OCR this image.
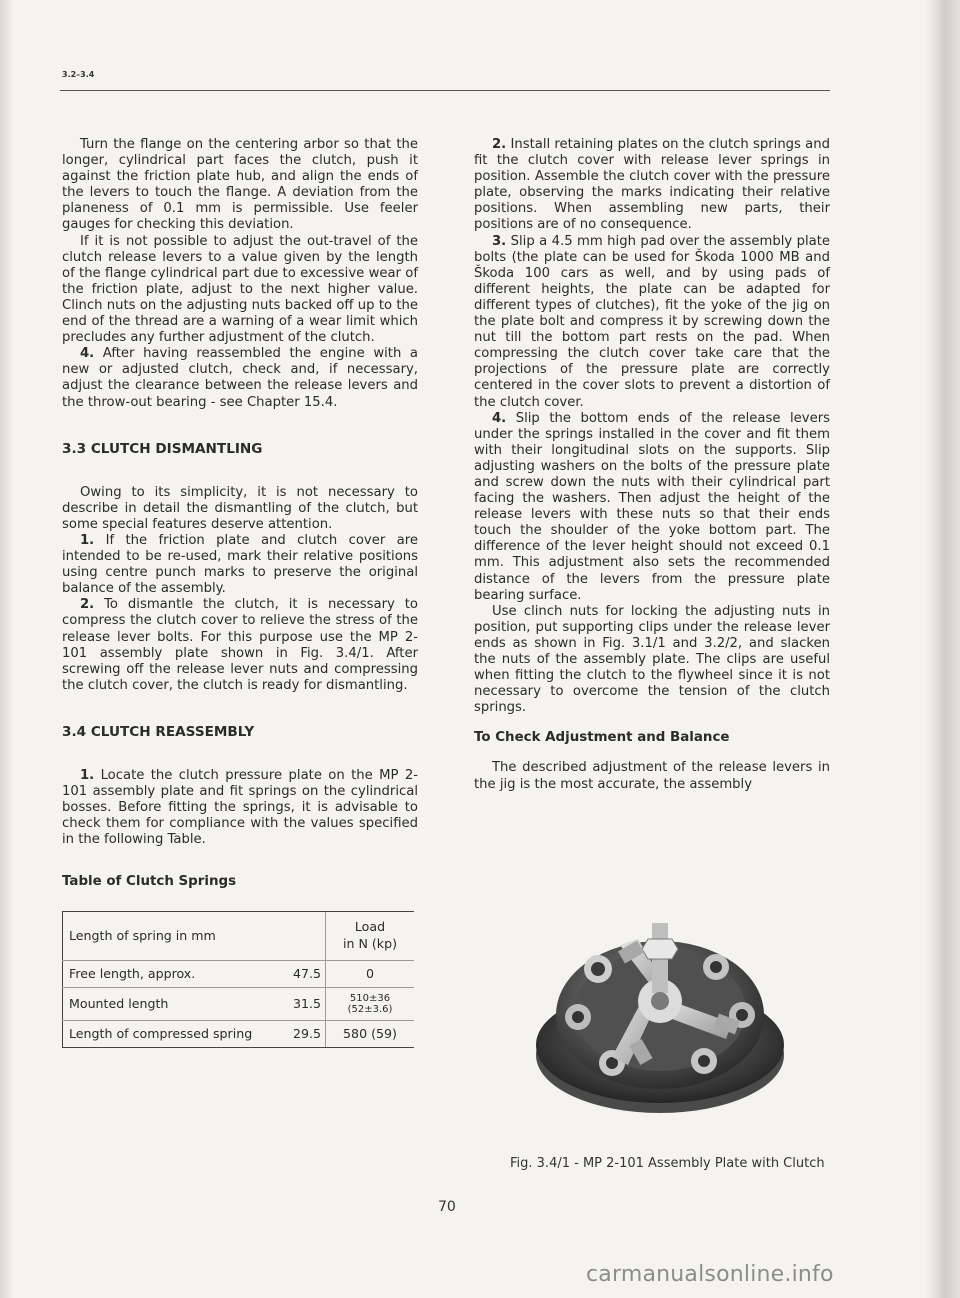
3.2–3.4

Turn the flange on the centering arbor so that the longer, cylindrical part faces the clutch, push it against the friction plate hub, and align the ends of the levers to touch the flange. A deviation from the planeness of 0.1 mm is permissible. Use feeler gauges for checking this deviation.

If it is not possible to adjust the out-travel of the clutch release levers to a value given by the length of the flange cylindrical part due to excessive wear of the friction plate, adjust to the next higher value. Clinch nuts on the adjusting nuts backed off up to the end of the thread are a warning of a wear limit which precludes any further adjustment of the clutch.

4. After having reassembled the engine with a new or adjusted clutch, check and, if necessary, adjust the clearance between the release levers and the throw-out bearing - see Chapter 15.4.

3.3 CLUTCH DISMANTLING

Owing to its simplicity, it is not necessary to describe in detail the dismantling of the clutch, but some special features deserve attention.

1. If the friction plate and clutch cover are intended to be re-used, mark their relative positions using centre punch marks to preserve the original balance of the assembly.

2. To dismantle the clutch, it is necessary to compress the clutch cover to relieve the stress of the release lever bolts. For this purpose use the MP 2-101 assembly plate shown in Fig. 3.4/1. After screwing off the release lever nuts and compressing the clutch cover, the clutch is ready for dismantling.

3.4 CLUTCH REASSEMBLY

1. Locate the clutch pressure plate on the MP 2-101 assembly plate and fit springs on the cylindrical bosses. Before fitting the springs, it is advisable to check them for compliance with the values specified in the following Table.

Table of Clutch Springs

Length of spring in mm		Load
in N (kp)

Free length, approx.	47.5	0
Mounted length	31.5	510±36
(52±3.6)

Length of compressed spring	29.5	580 (59)

2. Install retaining plates on the clutch springs and fit the clutch cover with release lever springs in position. Assemble the clutch cover with the pressure plate, observing the marks indicating their relative positions. When assembling new parts, their positions are of no consequence.

3. Slip a 4.5 mm high pad over the assembly plate bolts (the plate can be used for Škoda 1000 MB and Škoda 100 cars as well, and by using pads of different heights, the plate can be adapted for different types of clutches), fit the yoke of the jig on the plate bolt and compress it by screwing down the nut till the bottom part rests on the pad. When compressing the clutch cover take care that the projections of the pressure plate are correctly centered in the cover slots to prevent a distortion of the clutch cover.

4. Slip the bottom ends of the release levers under the springs installed in the cover and fit them with their longitudinal slots on the supports. Slip adjusting washers on the bolts of the pressure plate and screw down the nuts with their cylindrical part facing the washers. Then adjust the height of the release levers with these nuts so that their ends touch the shoulder of the yoke bottom part. The difference of the lever height should not exceed 0.1 mm. This adjustment also sets the recommended distance of the levers from the pressure plate bearing surface.

Use clinch nuts for locking the adjusting nuts in position, put supporting clips under the release lever ends as shown in Fig. 3.1/1 and 3.2/2, and slacken the nuts of the assembly plate. The clips are useful when fitting the clutch to the flywheel since it is not necessary to overcome the tension of the clutch springs.

To Check Adjustment and Balance

The described adjustment of the release levers in the jig is the most accurate, the assembly

Fig. 3.4/1 - MP 2-101 Assembly Plate with Clutch
70
carmanualsonline.info
